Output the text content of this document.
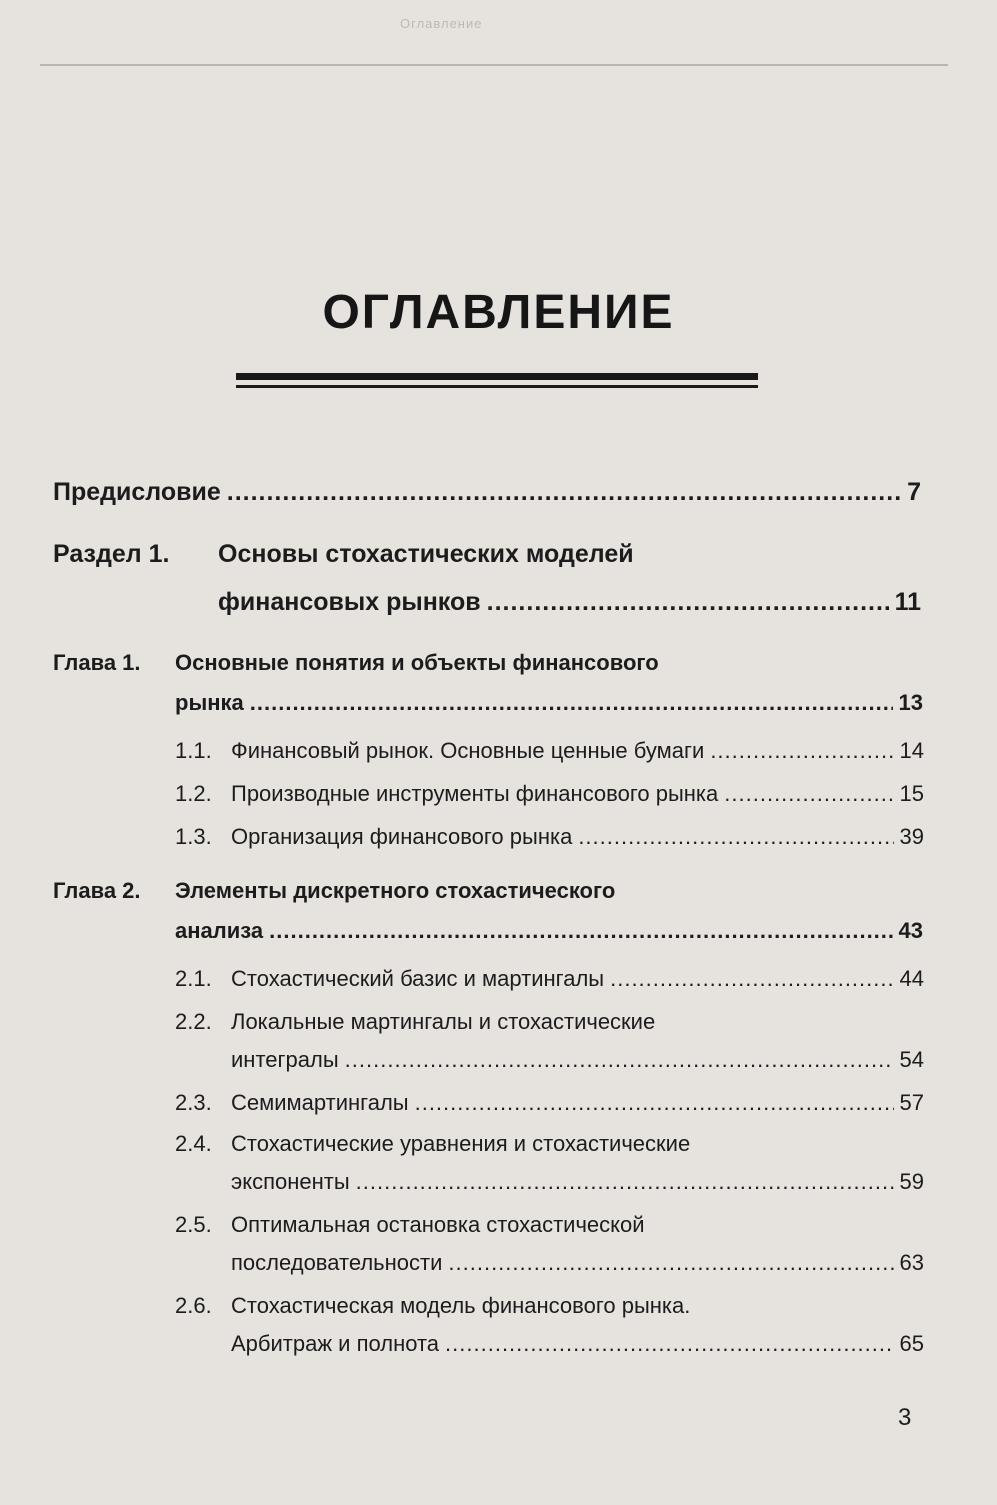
Оглавление
ОГЛАВЛЕНИЕ
Предисловие .....	7
Раздел 1. Основы стохастических моделей
финансовых рынков .....	11
Глава 1. Основные понятия и объекты финансового
рынка .....	13
1.1. Финансовый рынок. Основные ценные бумаги .....	14
1.2. Производные инструменты финансового рынка .....	15
1.3. Организация финансового рынка .....	39
Глава 2. Элементы дискретного стохастического
анализа .....	43
2.1. Стохастический базис и мартингалы .....	44
2.2. Локальные мартингалы и стохастические
интегралы .....	54
2.3. Семимартингалы .....	57
2.4. Стохастические уравнения и стохастические
экспоненты .....	59
2.5. Оптимальная остановка стохастической
последовательности .....	63
2.6. Стохастическая модель финансового рынка.
Арбитраж и полнота .....	65
3
